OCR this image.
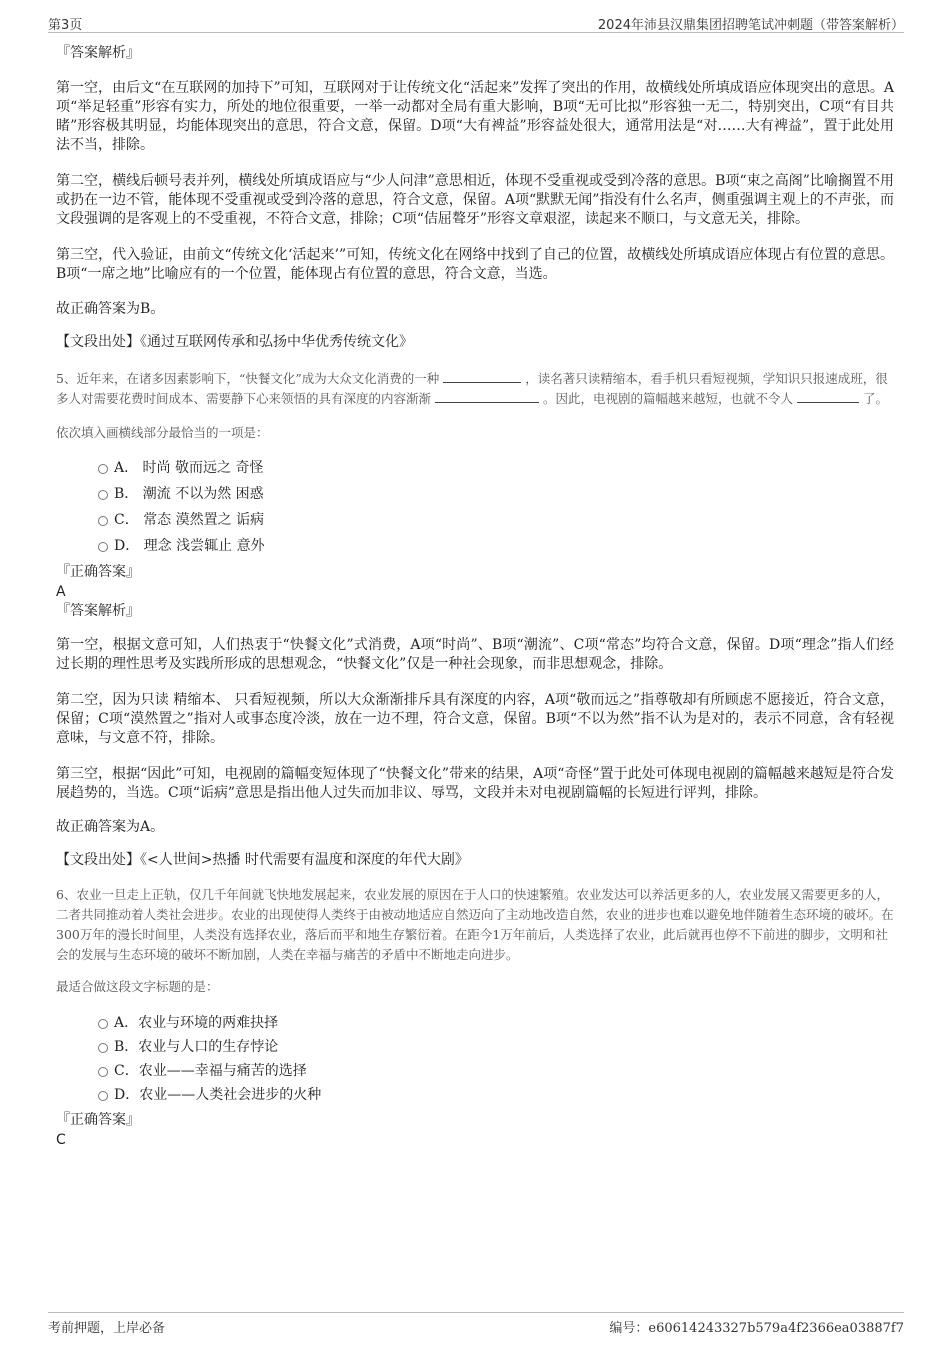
第3页	2024年沛县汉鼎集团招聘笔试冲刺题（带答案解析）

『答案解析』

第一空，由后文“在互联网的加持下”可知，互联网对于让传统文化“活起来”发挥了突出的作用，故横线处所填成语应体现突出的意思。A项“举足轻重”形容有实力，所处的地位很重要，一举一动都对全局有重大影响，B项“无可比拟”形容独一无二，特别突出，C项“有目共睹”形容极其明显，均能体现突出的意思，符合文意，保留。D项“大有裨益”形容益处很大，通常用法是“对……大有裨益”，置于此处用法不当，排除。

第二空，横线后顿号表并列，横线处所填成语应与“少人问津”意思相近，体现不受重视或受到冷落的意思。B项“束之高阁”比喻搁置不用或扔在一边不管，能体现不受重视或受到冷落的意思，符合文意，保留。A项“默默无闻”指没有什么名声，侧重强调主观上的不声张，而文段强调的是客观上的不受重视，不符合文意，排除；C项“佶屈聱牙”形容文章艰涩，读起来不顺口，与文意无关，排除。

第三空，代入验证，由前文“传统文化‘活起来’”可知，传统文化在网络中找到了自己的位置，故横线处所填成语应体现占有位置的意思。B项“一席之地”比喻应有的一个位置，能体现占有位置的意思，符合文意，当选。

故正确答案为B。

【文段出处】《通过互联网传承和弘扬中华优秀传统文化》

5、近年来，在诸多因素影响下，“快餐文化”成为大众文化消费的一种	，读名著只读精缩本，看手机只看短视频，学知识只报速成班，很多人对需要花费时间成本、需要静下心来领悟的具有深度的内容渐渐	。因此，电视剧的篇幅越来越短，也就不令人	了。

依次填入画横线部分最恰当的一项是：

A． 时尚 敬而远之 奇怪
B． 潮流 不以为然 困惑
C． 常态 漠然置之 诟病
D． 理念 浅尝辄止 意外

『正确答案』

A

『答案解析』

第一空，根据文意可知，人们热衷于“快餐文化”式消费，A项“时尚”、B项“潮流”、C项“常态”均符合文意，保留。D项“理念”指人们经过长期的理性思考及实践所形成的思想观念，“快餐文化”仅是一种社会现象，而非思想观念，排除。

第二空，因为只读 精缩本、 只看短视频，所以大众渐渐排斥具有深度的内容，A项“敬而远之”指尊敬却有所顾虑不愿接近，符合文意，保留；C项“漠然置之”指对人或事态度冷淡，放在一边不理，符合文意，保留。B项“不以为然”指不认为是对的，表示不同意，含有轻视意味，与文意不符，排除。

第三空，根据“因此”可知，电视剧的篇幅变短体现了“快餐文化”带来的结果，A项“奇怪”置于此处可体现电视剧的篇幅越来越短是符合发展趋势的，当选。C项“诟病”意思是指出他人过失而加非议、辱骂，文段并未对电视剧篇幅的长短进行评判，排除。

故正确答案为A。

【文段出处】《<人世间>热播 时代需要有温度和深度的年代大剧》

6、农业一旦走上正轨，仅几千年间就飞快地发展起来，农业发展的原因在于人口的快速繁殖。农业发达可以养活更多的人，农业发展又需要更多的人，二者共同推动着人类社会进步。农业的出现使得人类终于由被动地适应自然迈向了主动地改造自然，农业的进步也难以避免地伴随着生态环境的破坏。在300万年的漫长时间里，人类没有选择农业，落后而平和地生存繁衍着。在距今1万年前后，人类选择了农业，此后就再也停不下前进的脚步，文明和社会的发展与生态环境的破坏不断加剧，人类在幸福与痛苦的矛盾中不断地走向进步。

最适合做这段文字标题的是：

A．农业与环境的两难抉择
B．农业与人口的生存悖论
C．农业——幸福与痛苦的选择
D．农业——人类社会进步的火种

『正确答案』

C

考前押题，上岸必备	编号：e60614243327b579a4f2366ea03887f7
